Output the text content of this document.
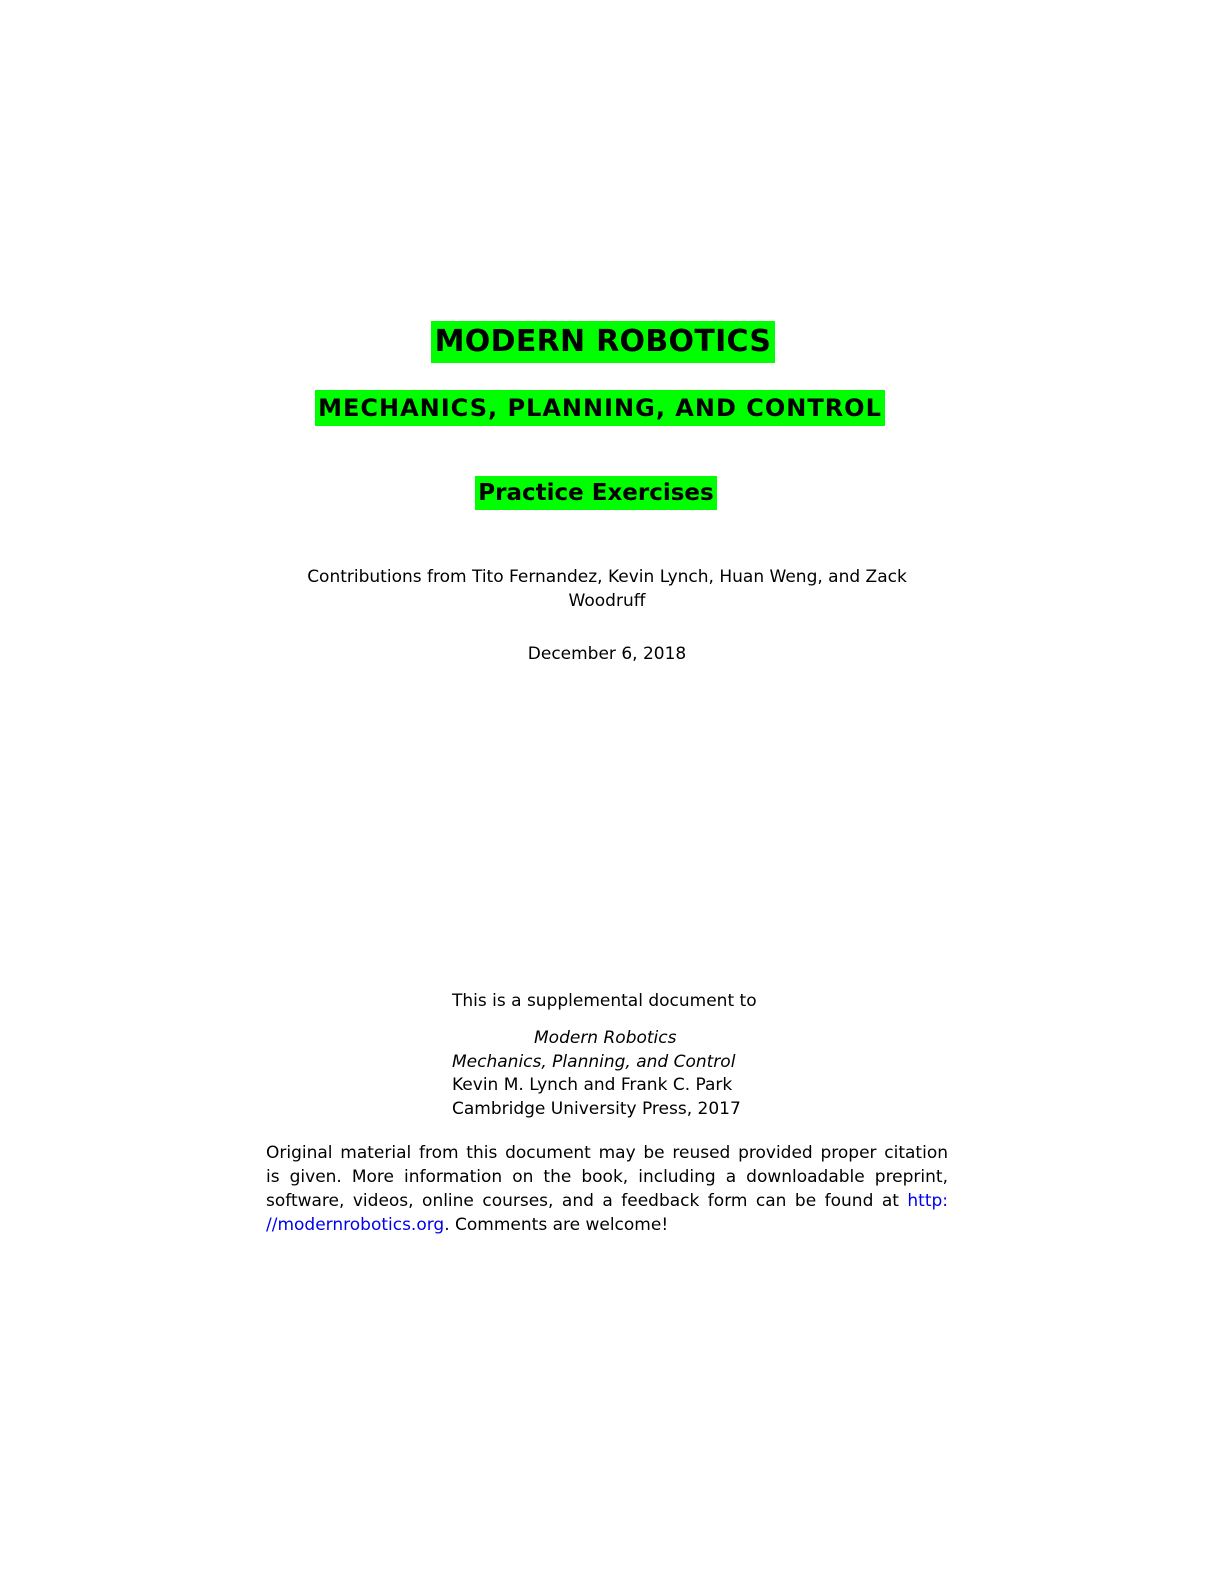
MODERN ROBOTICS
MECHANICS, PLANNING, AND CONTROL
Practice Exercises
Contributions from Tito Fernandez, Kevin Lynch, Huan Weng, and Zack Woodruff
December 6, 2018
This is a supplemental document to
Modern Robotics
Mechanics, Planning, and Control
Kevin M. Lynch and Frank C. Park
Cambridge University Press, 2017
Original material from this document may be reused provided proper citation
is given. More information on the book, including a downloadable preprint,
software, videos, online courses, and a feedback form can be found at http:
//modernrobotics.org. Comments are welcome!
